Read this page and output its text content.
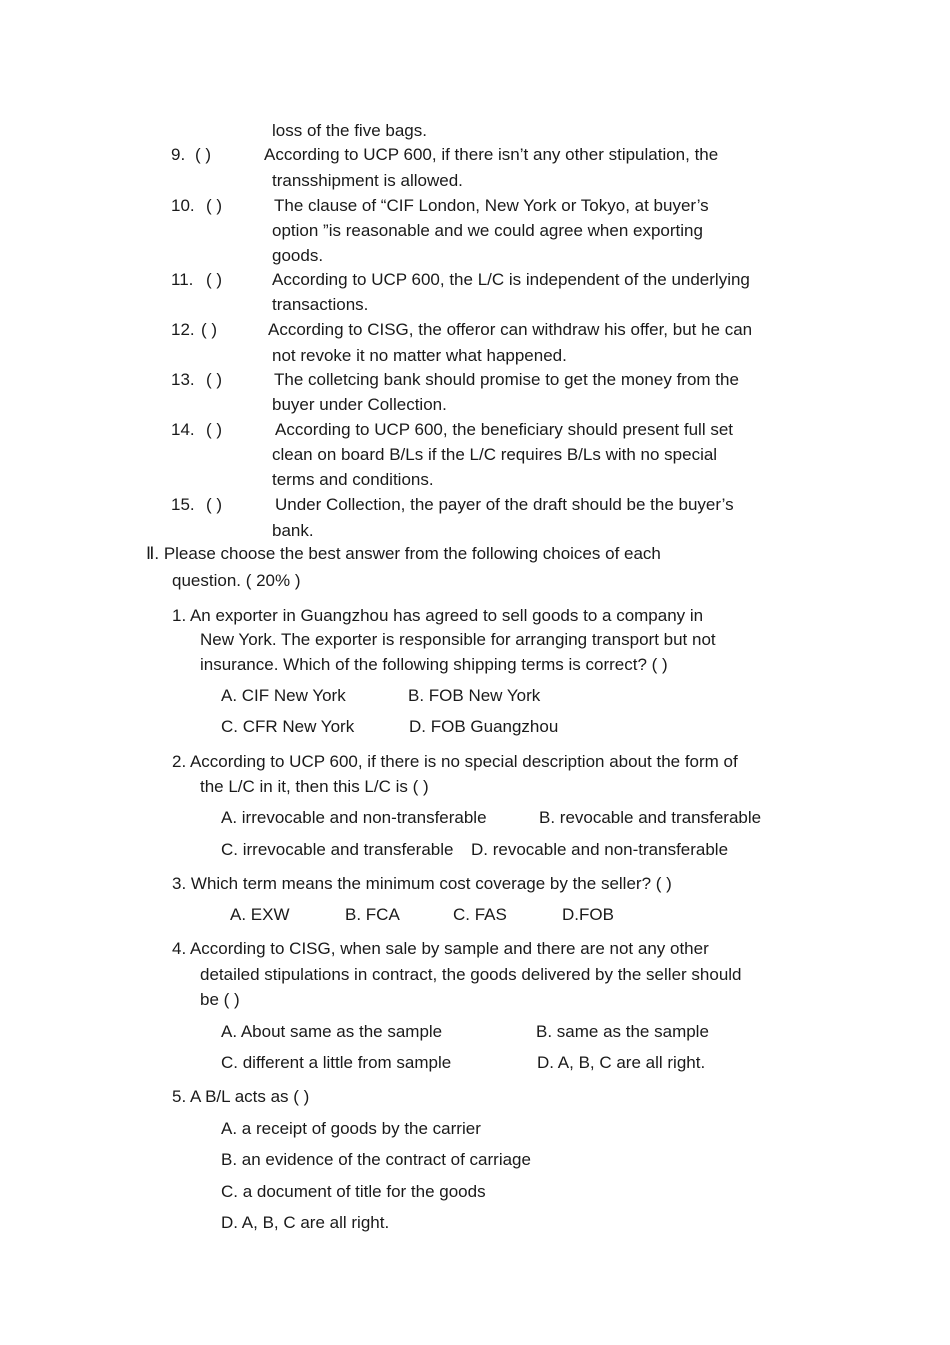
loss of the five bags.
9. ( )	According to UCP 600, if there isn’t any other stipulation, the
transshipment is allowed.
10. ( )	The clause of “CIF London, New York or Tokyo, at buyer’s
option ”is reasonable and we could agree when exporting
goods.
11. ( )	According to UCP 600, the L/C is independent of the underlying
transactions.
12. ( )	According to CISG, the offeror can withdraw his offer, but he can
not revoke it no matter what happened.
13. ( )	The colletcing bank should promise to get the money from the
buyer under Collection.
14. ( )	According to UCP 600, the beneficiary should present full set
clean on board B/Ls if the L/C requires B/Ls with no special
terms and conditions.
15. ( )	Under Collection, the payer of the draft should be the buyer’s
bank.
Ⅱ. Please choose the best answer from the following choices of each
question. ( 20% )
1. An exporter in Guangzhou has agreed to sell goods to a company in
New York. The exporter is responsible for arranging transport but not
insurance. Which of the following shipping terms is correct? ( )
A. CIF New York	B. FOB New York
C. CFR New York	D. FOB Guangzhou
2. According to UCP 600, if there is no special description about the form of
the L/C in it, then this L/C is ( )
A. irrevocable and non-transferable	B. revocable and transferable
C. irrevocable and transferable D. revocable and non-transferable
3. Which term means the minimum cost coverage by the seller? ( )
A. EXW	B. FCA	C. FAS	D.FOB
4. According to CISG, when sale by sample and there are not any other
detailed stipulations in contract, the goods delivered by the seller should
be ( )
A. About same as the sample	B. same as the sample
C. different a little from sample	D. A, B, C are all right.
5. A B/L acts as ( )
A. a receipt of goods by the carrier
B. an evidence of the contract of carriage
C. a document of title for the goods
D. A, B, C are all right.
